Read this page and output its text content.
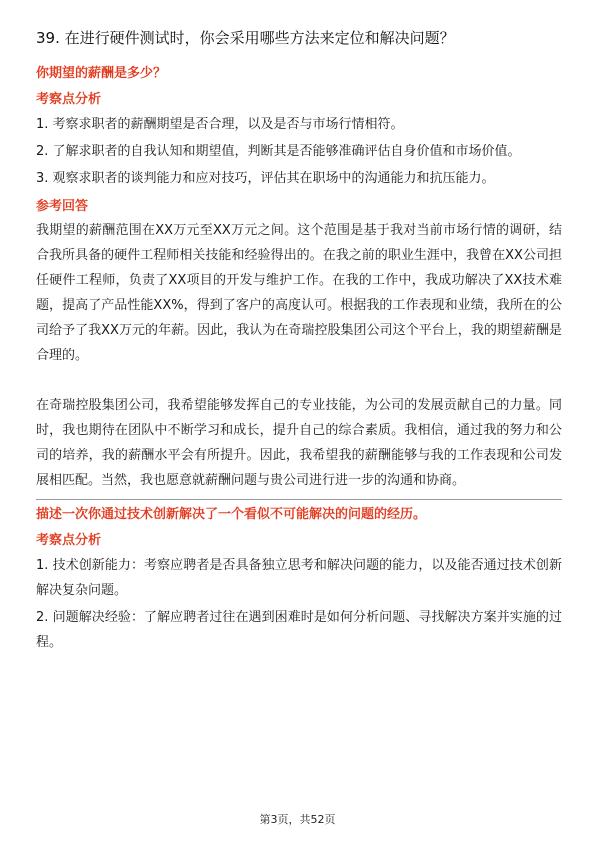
39. 在进行硬件测试时，你会采用哪些方法来定位和解决问题？

你期望的薪酬是多少？

考察点分析

1. 考察求职者的薪酬期望是否合理，以及是否与市场行情相符。

2. 了解求职者的自我认知和期望值，判断其是否能够准确评估自身价值和市场价值。

3. 观察求职者的谈判能力和应对技巧，评估其在职场中的沟通能力和抗压能力。

参考回答

我期望的薪酬范围在XX万元至XX万元之间。这个范围是基于我对当前市场行情的调研，结合我所具备的硬件工程师相关技能和经验得出的。在我之前的职业生涯中，我曾在XX公司担任硬件工程师，负责了XX项目的开发与维护工作。在我的工作中，我成功解决了XX技术难题，提高了产品性能XX%，得到了客户的高度认可。根据我的工作表现和业绩，我所在的公司给予了我XX万元的年薪。因此，我认为在奇瑞控股集团公司这个平台上，我的期望薪酬是合理的。

在奇瑞控股集团公司，我希望能够发挥自己的专业技能，为公司的发展贡献自己的力量。同时，我也期待在团队中不断学习和成长，提升自己的综合素质。我相信，通过我的努力和公司的培养，我的薪酬水平会有所提升。因此，我希望我的薪酬能够与我的工作表现和公司发展相匹配。当然，我也愿意就薪酬问题与贵公司进行进一步的沟通和协商。

描述一次你通过技术创新解决了一个看似不可能解决的问题的经历。

考察点分析

1. 技术创新能力：考察应聘者是否具备独立思考和解决问题的能力，以及能否通过技术创新解决复杂问题。

2. 问题解决经验：了解应聘者过往在遇到困难时是如何分析问题、寻找解决方案并实施的过程。

第3页，共52页
